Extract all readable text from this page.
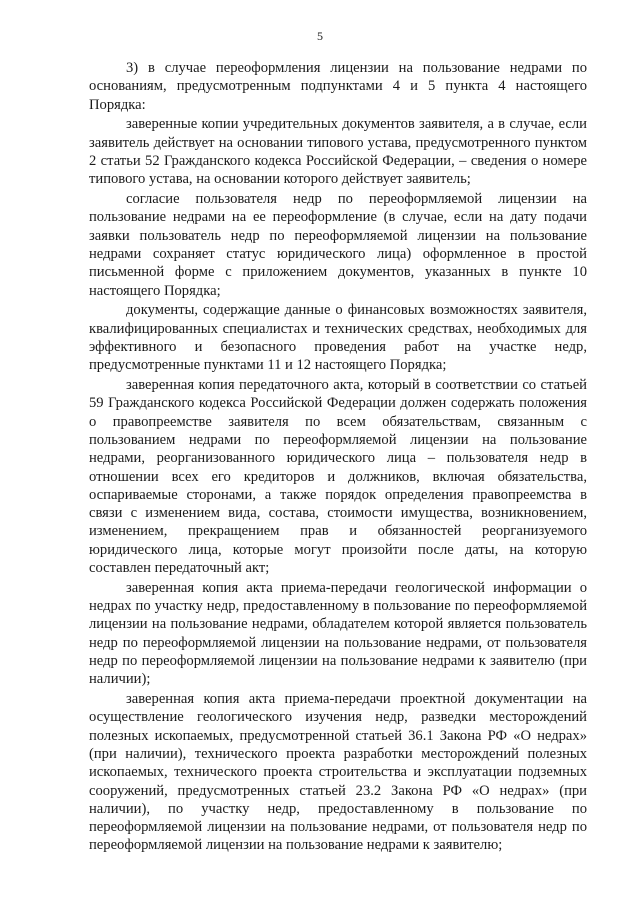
5

3) в случае переоформления лицензии на пользование недрами по основаниям, предусмотренным подпунктами 4 и 5 пункта 4 настоящего Порядка:

заверенные копии учредительных документов заявителя, а в случае, если заявитель действует на основании типового устава, предусмотренного пунктом 2 статьи 52 Гражданского кодекса Российской Федерации, – сведения о номере типового устава, на основании которого действует заявитель;

согласие пользователя недр по переоформляемой лицензии на пользование недрами на ее переоформление (в случае, если на дату подачи заявки пользователь недр по переоформляемой лицензии на пользование недрами сохраняет статус юридического лица) оформленное в простой письменной форме с приложением документов, указанных в пункте 10 настоящего Порядка;

документы, содержащие данные о финансовых возможностях заявителя, квалифицированных специалистах и технических средствах, необходимых для эффективного и безопасного проведения работ на участке недр, предусмотренные пунктами 11 и 12 настоящего Порядка;

заверенная копия передаточного акта, который в соответствии со статьей 59 Гражданского кодекса Российской Федерации должен содержать положения о правопреемстве заявителя по всем обязательствам, связанным с пользованием недрами по переоформляемой лицензии на пользование недрами, реорганизованного юридического лица – пользователя недр в отношении всех его кредиторов и должников, включая обязательства, оспариваемые сторонами, а также порядок определения правопреемства в связи с изменением вида, состава, стоимости имущества, возникновением, изменением, прекращением прав и обязанностей реорганизуемого юридического лица, которые могут произойти после даты, на которую составлен передаточный акт;

заверенная копия акта приема-передачи геологической информации о недрах по участку недр, предоставленному в пользование по переоформляемой лицензии на пользование недрами, обладателем которой является пользователь недр по переоформляемой лицензии на пользование недрами, от пользователя недр по переоформляемой лицензии на пользование недрами к заявителю (при наличии);

заверенная копия акта приема-передачи проектной документации на осуществление геологического изучения недр, разведки месторождений полезных ископаемых, предусмотренной статьей 36.1 Закона РФ «О недрах» (при наличии), технического проекта разработки месторождений полезных ископаемых, технического проекта строительства и эксплуатации подземных сооружений, предусмотренных статьей 23.2 Закона РФ «О недрах» (при наличии), по участку недр, предоставленному в пользование по переоформляемой лицензии на пользование недрами, от пользователя недр по переоформляемой лицензии на пользование недрами к заявителю;
